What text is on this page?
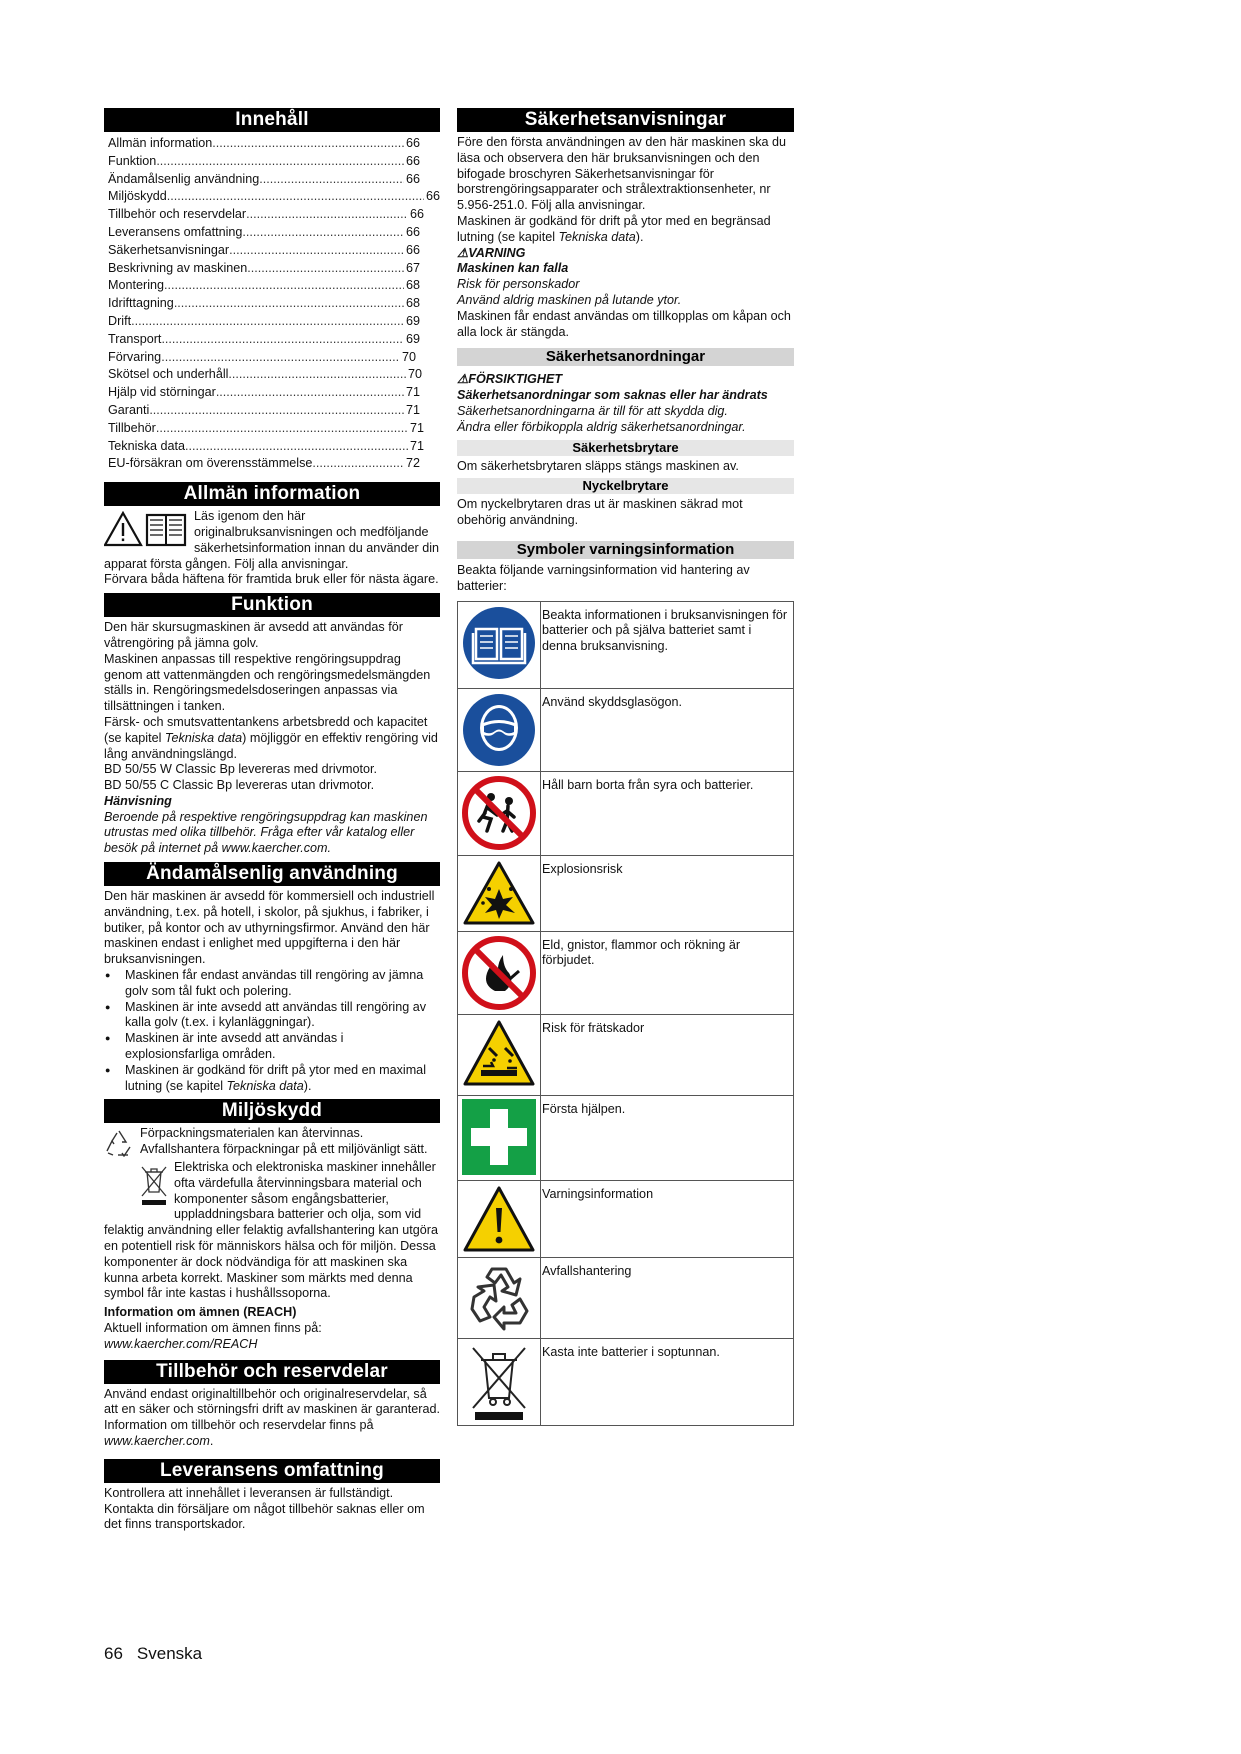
Innehåll
Allmän information .....	66
Funktion .....	66
Ändamålsenlig användning .....	66
Miljöskydd .....	66
Tillbehör och reservdelar .....	66
Leveransens omfattning .....	66
Säkerhetsanvisningar .....	66
Beskrivning av maskinen .....	67
Montering .....	68
Idrifttagning .....	68
Drift .....	69
Transport .....	69
Förvaring .....	70
Skötsel och underhåll .....	70
Hjälp vid störningar .....	71
Garanti .....	71
Tillbehör .....	71
Tekniska data .....	71
EU-försäkran om överensstämmelse .....	72
Allmän information

Läs igenom den här originalbruksanvisningen och medföljande säkerhetsinformation innan du använder din apparat första gången. Följ alla anvisningar.

Förvara båda häftena för framtida bruk eller för nästa ägare.

Funktion

Den här skursugmaskinen är avsedd att användas för våtrengöring på jämna golv.

Maskinen anpassas till respektive rengöringsuppdrag genom att vattenmängden och rengöringsmedelsmängden ställs in. Rengöringsmedelsdoseringen anpassas via tillsättningen i tanken.

Färsk- och smutsvattentankens arbetsbredd och kapacitet (se kapitel Tekniska data) möjliggör en effektiv rengöring vid lång användningslängd.

BD 50/55 W Classic Bp levereras med drivmotor.

BD 50/55 C Classic Bp levereras utan drivmotor.

Hänvisning

Beroende på respektive rengöringsuppdrag kan maskinen utrustas med olika tillbehör. Fråga efter vår katalog eller besök på internet på www.kaercher.com.

Ändamålsenlig användning

Den här maskinen är avsedd för kommersiell och industriell användning, t.ex. på hotell, i skolor, på sjukhus, i fabriker, i butiker, på kontor och av uthyrningsfirmor. Använd den här maskinen endast i enlighet med uppgifterna i den här bruksanvisningen.

● Maskinen får endast användas till rengöring av jämna golv som tål fukt och polering.
● Maskinen är inte avsedd att användas till rengöring av kalla golv (t.ex. i kylanläggningar).
● Maskinen är inte avsedd att användas i explosionsfarliga områden.
● Maskinen är godkänd för drift på ytor med en maximal lutning (se kapitel Tekniska data).
Miljöskydd

Förpackningsmaterialen kan återvinnas. Avfallshantera förpackningar på ett miljövänligt sätt.

Elektriska och elektroniska maskiner innehåller ofta värdefulla återvinningsbara material och komponenter såsom engångsbatterier, uppladdningsbara batterier och olja, som vid felaktig användning eller felaktig avfallshantering kan utgöra en potentiell risk för människors hälsa och för miljön. Dessa komponenter är dock nödvändiga för att maskinen ska kunna arbeta korrekt. Maskiner som märkts med denna symbol får inte kastas i hushållssoporna.

Information om ämnen (REACH)

Aktuell information om ämnen finns på: www.kaercher.com/REACH

Tillbehör och reservdelar

Använd endast originaltillbehör och originalreservdelar, så att en säker och störningsfri drift av maskinen är garanterad.

Information om tillbehör och reservdelar finns på

www.kaercher.com.

Leveransens omfattning

Kontrollera att innehållet i leveransen är fullständigt. Kontakta din försäljare om något tillbehör saknas eller om det finns transportskador.

Säkerhetsanvisningar

Före den första användningen av den här maskinen ska du läsa och observera den här bruksanvisningen och den bifogade broschyren Säkerhetsanvisningar för borstrengöringsapparater och strålextraktionsenheter, nr 5.956-251.0. Följ alla anvisningar.

Maskinen är godkänd för drift på ytor med en begränsad lutning (se kapitel Tekniska data).

⚠VARNING

Maskinen kan falla

Risk för personskador

Använd aldrig maskinen på lutande ytor.

Maskinen får endast användas om tillkopplas om kåpan och alla lock är stängda.

Säkerhetsanordningar

⚠FÖRSIKTIGHET

Säkerhetsanordningar som saknas eller har ändrats

Säkerhetsanordningarna är till för att skydda dig.

Ändra eller förbikoppla aldrig säkerhetsanordningar.

Säkerhetsbrytare

Om säkerhetsbrytaren släpps stängs maskinen av.

Nyckelbrytare

Om nyckelbrytaren dras ut är maskinen säkrad mot obehörig användning.

Symboler varningsinformation

Beakta följande varningsinformation vid hantering av batterier:

	Beakta informationen i bruksanvisningen för batterier och på själva batteriet samt i denna bruksanvisning.

	Använd skyddsglasögon.

	Håll barn borta från syra och batterier.

	Explosionsrisk

	Eld, gnistor, flammor och rökning är förbjudet.

	Risk för frätskador

	Första hjälpen.

	Varningsinformation

	Avfallshantering

	Kasta inte batterier i soptunnan.
66 Svenska
